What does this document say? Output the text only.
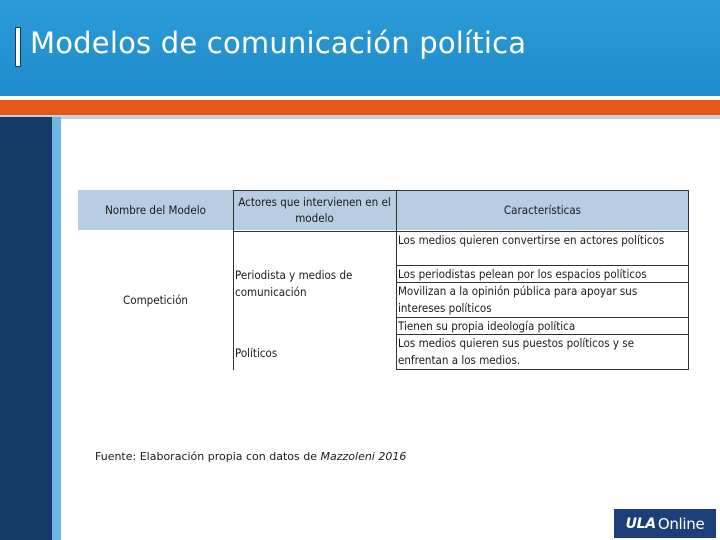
Modelos de comunicación política
Nombre del Modelo
Actores que intervienen en el modelo
Características
Competición
Periodista y medios de comunicación
Políticos
Los medios quieren convertirse en actores políticos
Los periodistas pelean por los espacios políticos
Movilizan a la opinión pública para apoyar sus intereses políticos
Tienen su propia ideología política
Los medios quieren sus puestos políticos y se enfrentan a los medios.
Fuente: Elaboración propia con datos de Mazzoleni 2016
ULA Online
